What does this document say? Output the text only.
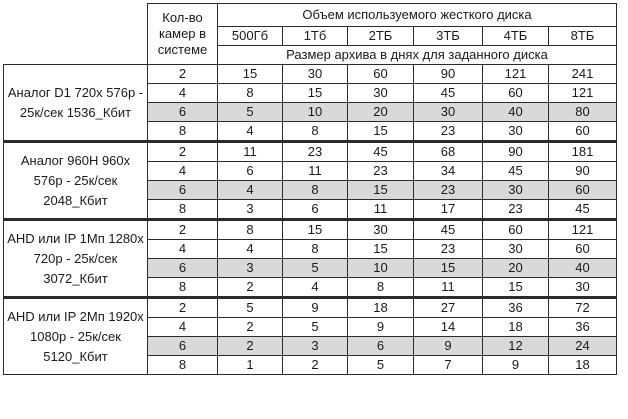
	Кол-во камер в системе	Объем используемого жесткого диска					
		500Гб	1Тб	2ТБ	3ТБ	4ТБ	8ТБ
		Размер архива в днях для заданного диска					
Аналог D1 720x 576p - 25к/сек 1536_Кбит	2	15	30	60	90	121	241
	4	8	15	30	45	60	121
	6	5	10	20	30	40	80
	8	4	8	15	23	30	60
Аналог 960H 960x 576p - 25к/сек 2048_Кбит	2	11	23	45	68	90	181
	4	6	11	23	34	45	90
	6	4	8	15	23	30	60
	8	3	6	11	17	23	45
AHD или IP 1Мп 1280x 720p - 25к/сек 3072_Кбит	2	8	15	30	45	60	121
	4	4	8	15	23	30	60
	6	3	5	10	15	20	40
	8	2	4	8	11	15	30
AHD или IP 2Мп 1920x 1080p - 25к/сек 5120_Кбит	2	5	9	18	27	36	72
	4	2	5	9	14	18	36
	6	2	3	6	9	12	24
	8	1	2	5	7	9	18
